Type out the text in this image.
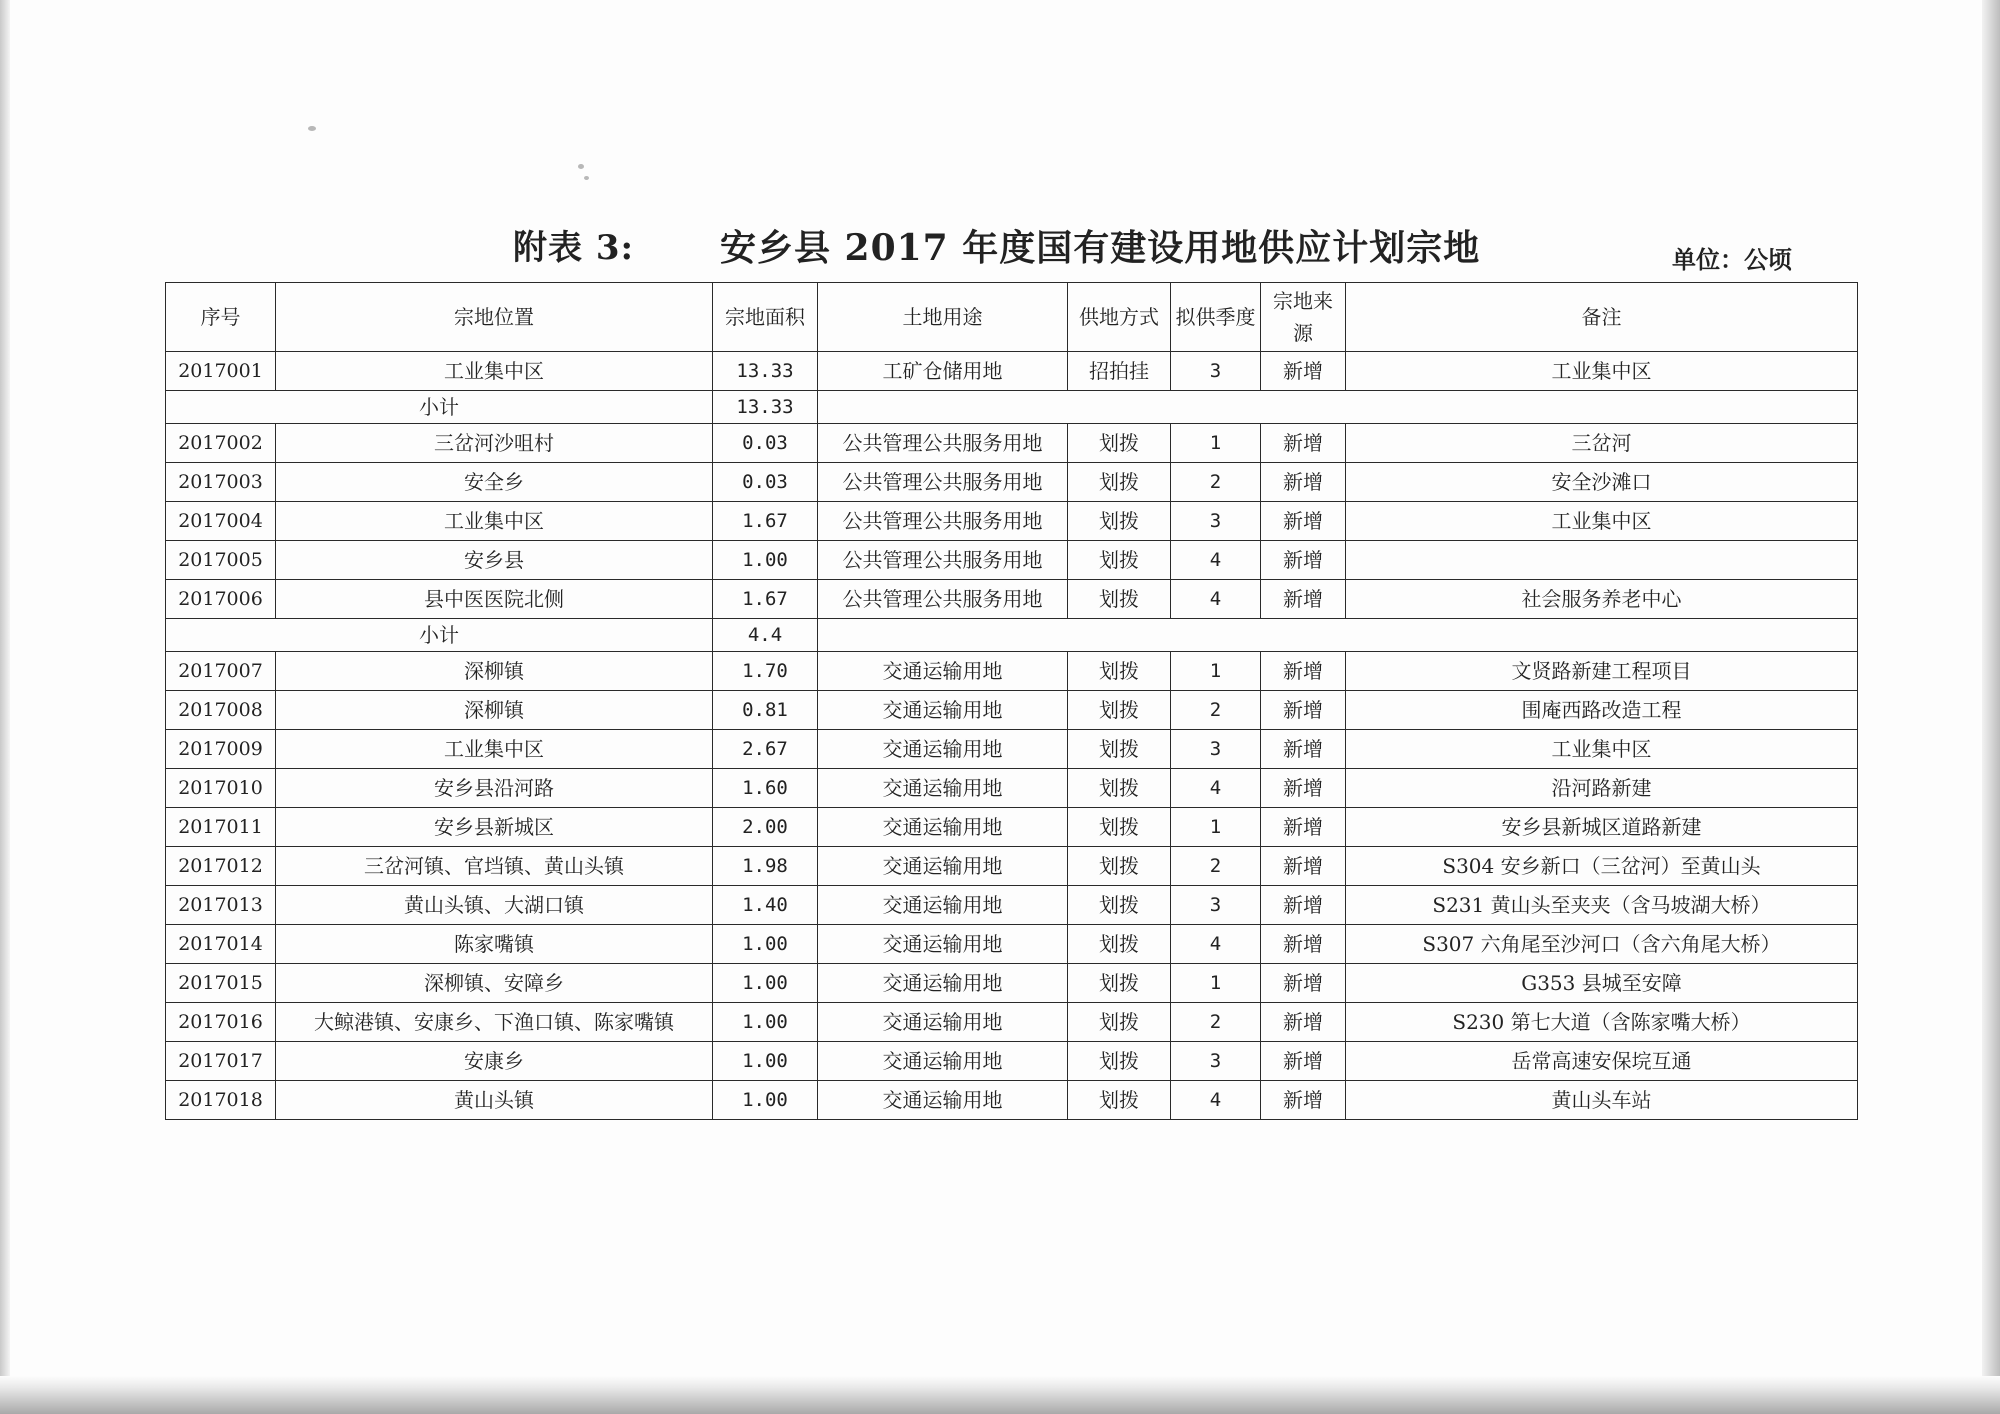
附表 3: 安乡县 2017 年度国有建设用地供应计划宗地	单位：公顷
序号	宗地位置	宗地面积	土地用途	供地方式	拟供季度	宗地来源	备注
2017001	工业集中区	13.33	工矿仓储用地	招拍挂	3	新增	工业集中区
小计		13.33					
2017002	三岔河沙咀村	0.03	公共管理公共服务用地	划拨	1	新增	三岔河
2017003	安全乡	0.03	公共管理公共服务用地	划拨	2	新增	安全沙滩口
2017004	工业集中区	1.67	公共管理公共服务用地	划拨	3	新增	工业集中区
2017005	安乡县	1.00	公共管理公共服务用地	划拨	4	新增	
2017006	县中医医院北侧	1.67	公共管理公共服务用地	划拨	4	新增	社会服务养老中心
小计		4.4					
2017007	深柳镇	1.70	交通运输用地	划拨	1	新增	文贤路新建工程项目
2017008	深柳镇	0.81	交通运输用地	划拨	2	新增	围庵西路改造工程
2017009	工业集中区	2.67	交通运输用地	划拨	3	新增	工业集中区
2017010	安乡县沿河路	1.60	交通运输用地	划拨	4	新增	沿河路新建
2017011	安乡县新城区	2.00	交通运输用地	划拨	1	新增	安乡县新城区道路新建
2017012	三岔河镇、官垱镇、黄山头镇	1.98	交通运输用地	划拨	2	新增	S304 安乡新口（三岔河）至黄山头
2017013	黄山头镇、大湖口镇	1.40	交通运输用地	划拨	3	新增	S231 黄山头至夹夹（含马坡湖大桥）
2017014	陈家嘴镇	1.00	交通运输用地	划拨	4	新增	S307 六角尾至沙河口（含六角尾大桥）
2017015	深柳镇、安障乡	1.00	交通运输用地	划拨	1	新增	G353 县城至安障
2017016	大鲸港镇、安康乡、下渔口镇、陈家嘴镇	1.00	交通运输用地	划拨	2	新增	S230 第七大道（含陈家嘴大桥）
2017017	安康乡	1.00	交通运输用地	划拨	3	新增	岳常高速安保垸互通
2017018	黄山头镇	1.00	交通运输用地	划拨	4	新增	黄山头车站
